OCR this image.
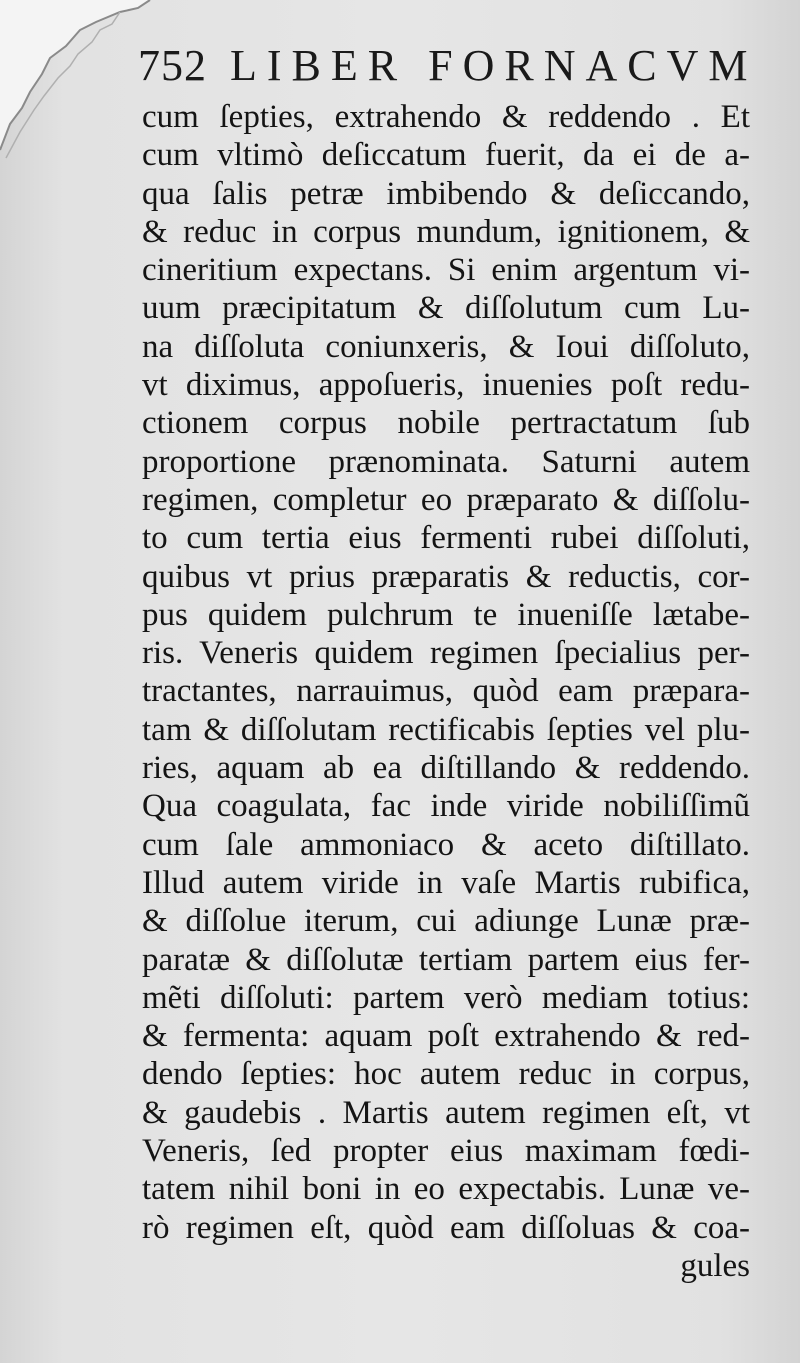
752 LIBER FORNACVM
cum ſepties, extrahendo & reddendo . Et
cum vltimò deſiccatum fuerit, da ei de a-
qua ſalis petræ imbibendo & deſiccando,
& reduc in corpus mundum, ignitionem, &
cineritium expectans. Si enim argentum vi-
uum præcipitatum & diſſolutum cum Lu-
na diſſoluta coniunxeris, & Ioui diſſoluto,
vt diximus, appoſueris, inuenies poſt redu-
ctionem corpus nobile pertractatum ſub
proportione prænominata. Saturni autem
regimen, completur eo præparato & diſſolu-
to cum tertia eius fermenti rubei diſſoluti,
quibus vt prius præparatis & reductis, cor-
pus quidem pulchrum te inueniſſe lætabe-
ris. Veneris quidem regimen ſpecialius per-
tractantes, narrauimus, quòd eam præpara-
tam & diſſolutam rectificabis ſepties vel plu-
ries, aquam ab ea diſtillando & reddendo.
Qua coagulata, fac inde viride nobiliſſimũ
cum ſale ammoniaco & aceto diſtillato.
Illud autem viride in vaſe Martis rubifica,
& diſſolue iterum, cui adiunge Lunæ præ-
paratæ & diſſolutæ tertiam partem eius fer-
mẽti diſſoluti: partem verò mediam totius:
& fermenta: aquam poſt extrahendo & red-
dendo ſepties: hoc autem reduc in corpus,
& gaudebis . Martis autem regimen eſt, vt
Veneris, ſed propter eius maximam fœdi-
tatem nihil boni in eo expectabis. Lunæ ve-
rò regimen eſt, quòd eam diſſoluas & coa-
gules
